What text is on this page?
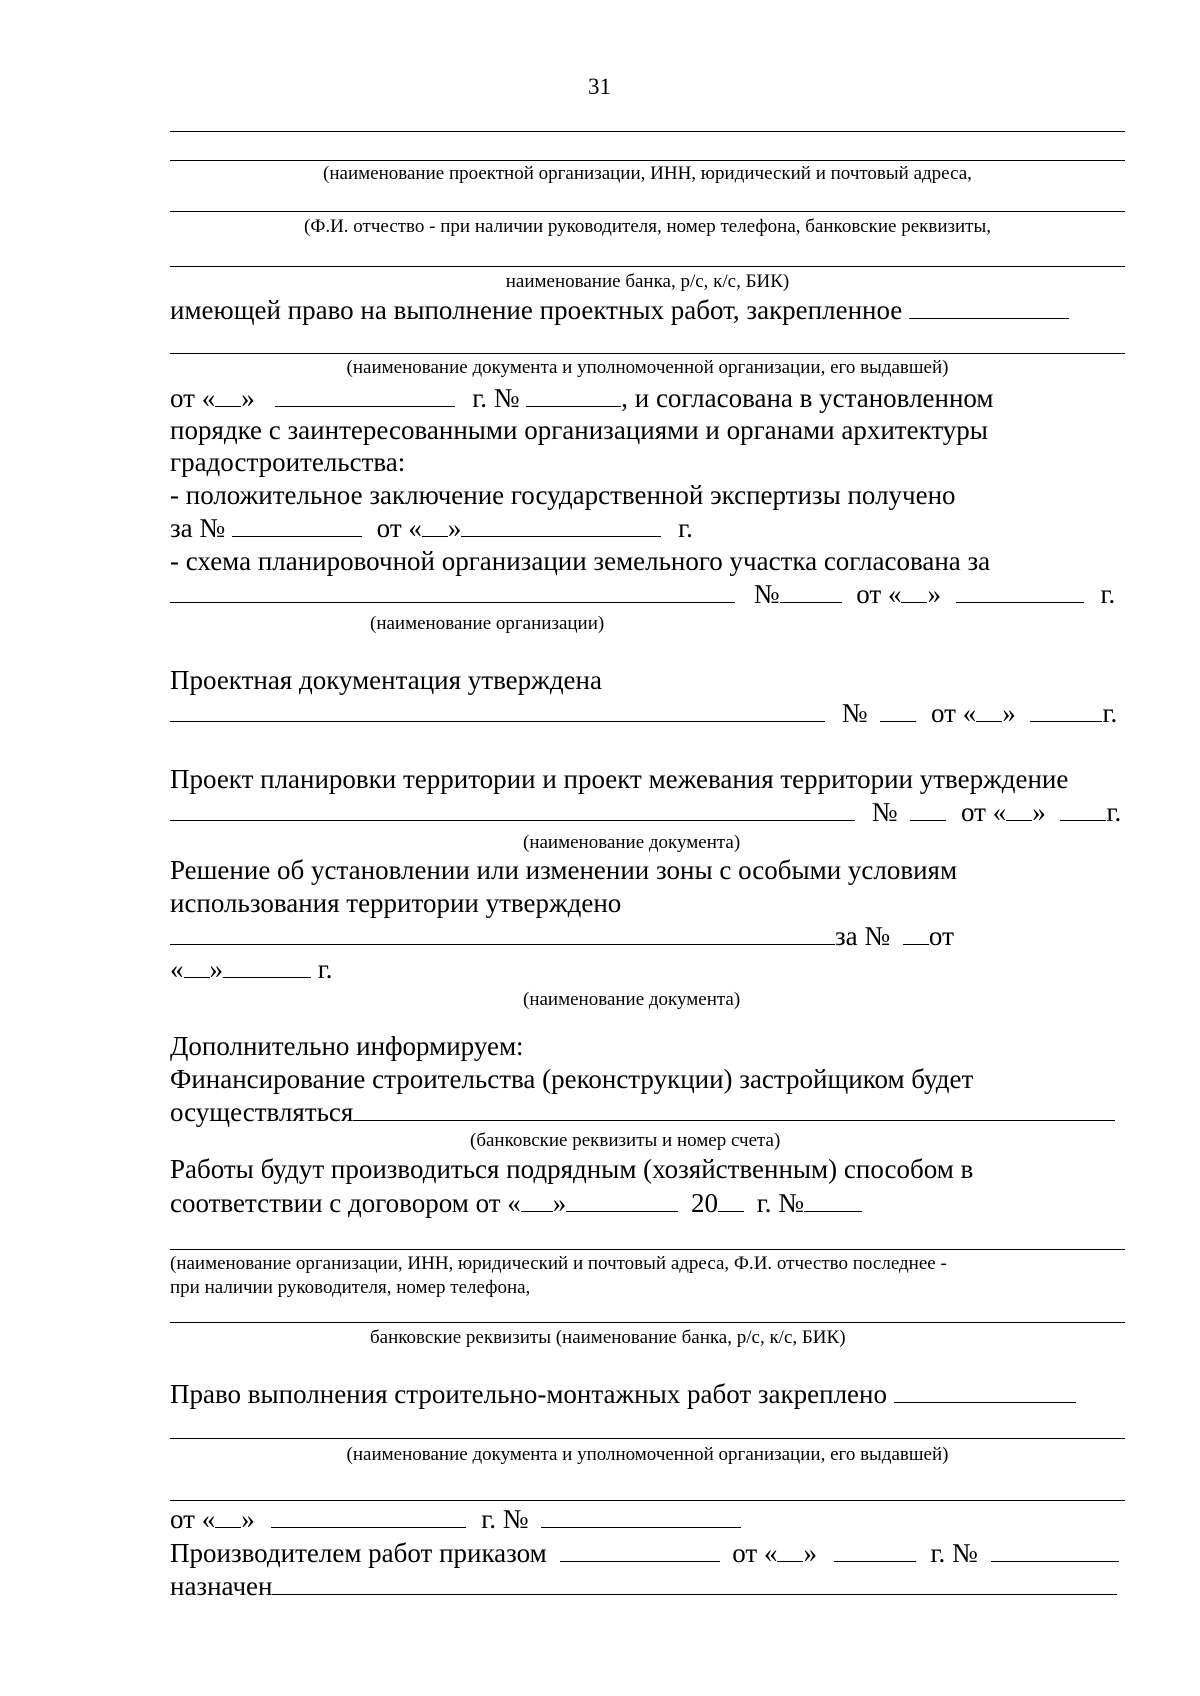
31
(наименование проектной организации, ИНН, юридический и почтовый адреса,
(Ф.И. отчество - при наличии руководителя, номер телефона, банковские реквизиты,
наименование банка, р/с, к/с, БИК)
имеющей право на выполнение проектных работ, закрепленное
(наименование документа и уполномоченной организации, его выдавшей)
от « »	г. №	, и согласована в установленном
порядке с заинтересованными организациями и органами архитектуры
градостроительства:
- положительное заключение государственной экспертизы получено
за №	от « »	г.
- схема планировочной организации земельного участка согласована за
№	от « »	г.
(наименование организации)
Проектная документация утверждена
№ от « »	г.
Проект планировки территории и проект межевания территории утверждение
№ от « » г.
(наименование документа)
Решение об установлении или изменении зоны с особыми условиям
использования территории утверждено
за № от
« »	г.
(наименование документа)
Дополнительно информируем:
Финансирование строительства (реконструкции) застройщиком будет
осуществляться
(банковские реквизиты и номер счета)
Работы будут производиться подрядным (хозяйственным) способом в
соответствии с договором от « »	20 г. №
(наименование организации, ИНН, юридический и почтовый адреса, Ф.И. отчество последнее -
при наличии руководителя, номер телефона,
банковские реквизиты (наименование банка, р/с, к/с, БИК)
Право выполнения строительно-монтажных работ закреплено
(наименование документа и уполномоченной организации, его выдавшей)
от « »	г. №
Производителем работ приказом	от « »	г. №
назначен
